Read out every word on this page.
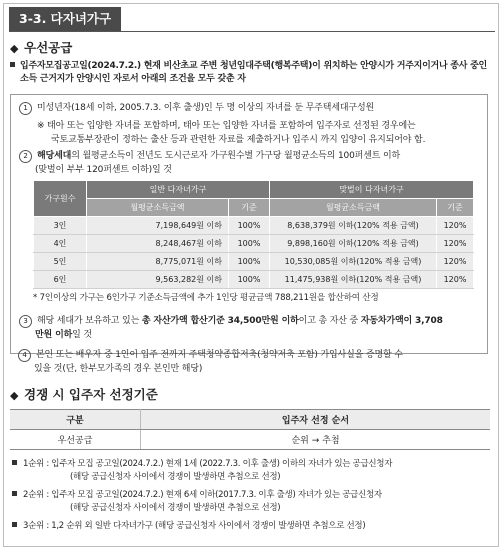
3-3. 다자녀가구
◆ 우선공급
입주자모집공고일(2024.7.2.) 현재 비산초교 주변 청년임대주택(행복주택)이 위치하는 안양시가 거주지이거나 종사 중인
소득 근거지가 안양시인 자로서 아래의 조건을 모두 갖춘 자
1 미성년자(18세 이하, 2005.7.3. 이후 출생)인 두 명 이상의 자녀를 둔 무주택세대구성원
※ 태아 또는 입양한 자녀를 포함하며, 태아 또는 입양한 자녀를 포함하여 입주자로 선정된 경우에는
국토교통부장관이 정하는 출산 등과 관련한 자료를 제출하거나 입주시 까지 입양이 유지되어야 함.
2 해당세대의 월평균소득이 전년도 도시근로자 가구원수별 가구당 월평균소득의 100퍼센트 이하
(맞벌이 부부 120퍼센트 이하)일 것
가구원수	일반 다자녀가구		맞벌이 다자녀가구	
	월평균소득금액	기준	월평균소득금액	기준
3인	7,198,649원 이하	100%	8,638,379원 이하(120% 적용 금액)	120%
4인	8,248,467원 이하	100%	9,898,160원 이하(120% 적용 금액)	120%
5인	8,775,071원 이하	100%	10,530,085원 이하(120% 적용 금액)	120%
6인	9,563,282원 이하	100%	11,475,938원 이하(120% 적용 금액)	120%
* 7인이상의 가구는 6인가구 기준소득금액에 추가 1인당 평균금액 788,211원을 합산하여 산정
3 해당 세대가 보유하고 있는 총 자산가액 합산기준 34,500만원 이하이고 총 자산 중 자동차가액이 3,708
만원 이하일 것
4 본인 또는 배우자 중 1인이 입주 전까지 주택청약종합저축(청약저축 포함) 가입사실을 증명할 수
있을 것(단, 한부모가족의 경우 본인만 해당)
◆ 경쟁 시 입주자 선정기준
구분	입주자 선정 순서
우선공급	순위 → 추첨
1순위 : 입주자 모집 공고일(2024.7.2.) 현재 1세 (2022.7.3. 이후 출생) 이하의 자녀가 있는 공급신청자
(해당 공급신청자 사이에서 경쟁이 발생하면 추첨으로 선정)
2순위 : 입주자 모집 공고일(2024.7.2.) 현재 6세 이하(2017.7.3. 이후 출생) 자녀가 있는 공급신청자
(해당 공급신청자 사이에서 경쟁이 발생하면 추첨으로 선정)
3순위 : 1,2 순위 외 일반 다자녀가구 (해당 공급신청자 사이에서 경쟁이 발생하면 추첨으로 선정)
